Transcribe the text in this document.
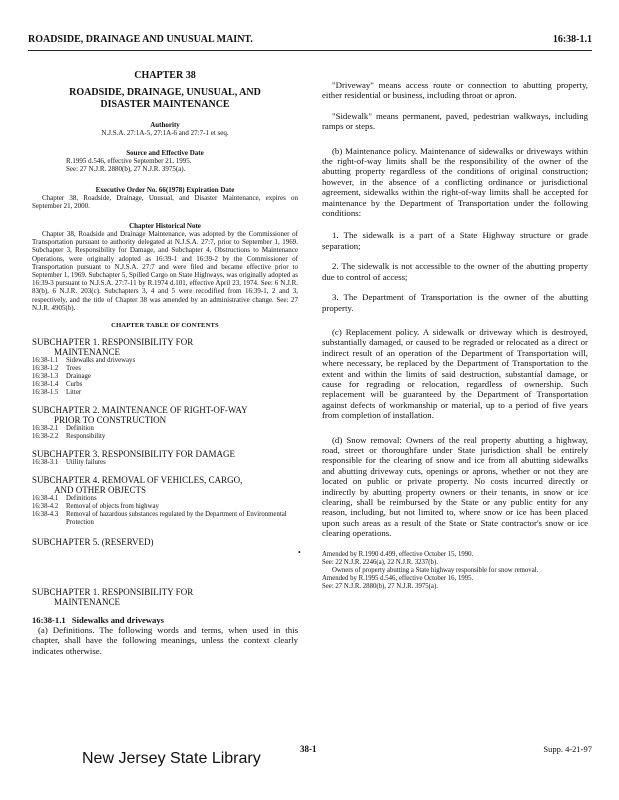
ROADSIDE, DRAINAGE AND UNUSUAL MAINT.	16:38-1.1
CHAPTER 38
ROADSIDE, DRAINAGE, UNUSUAL, AND
DISASTER MAINTENANCE
Authority
N.J.S.A. 27:1A-5, 27:1A-6 and 27:7-1 et seq.
Source and Effective Date
R.1995 d.546, effective September 21, 1995.
See: 27 N.J.R. 2880(b), 27 N.J.R. 3975(a).
Executive Order No. 66(1978) Expiration Date
Chapter 38, Roadside, Drainage, Unusual, and Disaster Maintenance, expires on September 21, 2000.
Chapter Historical Note
Chapter 38, Roadside and Drainage Maintenance, was adopted by the Commissioner of Transportation pursuant to authority delegated at N.J.S.A. 27:7, prior to September 1, 1969. Subchapter 3, Responsibility for Damage, and Subchapter 4, Obstructions to Maintenance Operations, were originally adopted as 16:39-1 and 16:39-2 by the Commissioner of Transportation pursuant to N.J.S.A. 27:7 and were filed and became effective prior to September 1, 1969. Subchapter 5, Spilled Cargo on State Highways, was originally adopted as 16:39-3 pursuant to N.J.S.A. 27:7-11 by R.1974 d.101, effective April 23, 1974. See: 6 N.J.R. 83(b), 6 N.J.R. 203(c). Subchapters 3, 4 and 5 were recodified from 16:39-1, 2 and 3, respectively, and the title of Chapter 38 was amended by an administrative change. See: 27 N.J.R. 4905(b).
CHAPTER TABLE OF CONTENTS
SUBCHAPTER 1. RESPONSIBILITY FOR
MAINTENANCE
16:38-1.1	Sidewalks and driveways
16:38-1.2	Trees
16:38-1.3	Drainage
16:38-1.4	Curbs
16:38-1.5	Litter
SUBCHAPTER 2. MAINTENANCE OF RIGHT-OF-WAY
PRIOR TO CONSTRUCTION
16:38-2.1	Definition
16:38-2.2	Responsibility
SUBCHAPTER 3. RESPONSIBILITY FOR DAMAGE
16:38-3.1	Utility failures
SUBCHAPTER 4. REMOVAL OF VEHICLES, CARGO,
AND OTHER OBJECTS
16:38-4.1	Definitions
16:38-4.2	Removal of objects from highway
16:38-4.3	Removal of hazardous substances regulated by the Department of Environmental Protection
SUBCHAPTER 5. (RESERVED)
SUBCHAPTER 1. RESPONSIBILITY FOR
MAINTENANCE
16:38-1.1 Sidewalks and driveways
(a) Definitions. The following words and terms, when used in this chapter, shall have the following meanings, unless the context clearly indicates otherwise.
"Driveway" means access route or connection to abutting property, either residential or business, including throat or apron.
"Sidewalk" means permanent, paved, pedestrian walkways, including ramps or steps.
(b) Maintenance policy. Maintenance of sidewalks or driveways within the right-of-way limits shall be the responsibility of the owner of the abutting property regardless of the conditions of original construction; however, in the absence of a conflicting ordinance or jurisdictional agreement, sidewalks within the right-of-way limits shall be accepted for maintenance by the Department of Transportation under the following conditions:
1. The sidewalk is a part of a State Highway structure or grade separation;
2. The sidewalk is not accessible to the owner of the abutting property due to control of access;
3. The Department of Transportation is the owner of the abutting property.
(c) Replacement policy. A sidewalk or driveway which is destroyed, substantially damaged, or caused to be regraded or relocated as a direct or indirect result of an operation of the Department of Transportation will, where necessary, be replaced by the Department of Transportation to the extent and within the limits of said destruction, substantial damage, or cause for regrading or relocation, regardless of ownership. Such replacement will be guaranteed by the Department of Transportation against defects of workmanship or material, up to a period of five years from completion of installation.
(d) Snow removal: Owners of the real property abutting a highway, road, street or thoroughfare under State jurisdiction shall be entirely responsible for the clearing of snow and ice from all abutting sidewalks and abutting driveway cuts, openings or aprons, whether or not they are located on public or private property. No costs incurred directly or indirectly by abutting property owners or their tenants, in snow or ice clearing, shall be reimbursed by the State or any public entity for any reason, including, but not limited to, where snow or ice has been placed upon such areas as a result of the State or State contractor's snow or ice clearing operations.
Amended by R.1990 d.499, effective October 15, 1990.
See: 22 N.J.R. 2246(a), 22 N.J.R. 3237(b).
Owners of property abutting a State highway responsible for snow removal.
Amended by R.1995 d.546, effective October 16, 1995.
See: 27 N.J.R. 2880(b), 27 N.J.R. 3975(a).
•
38-1	Supp. 4-21-97
New Jersey State Library
